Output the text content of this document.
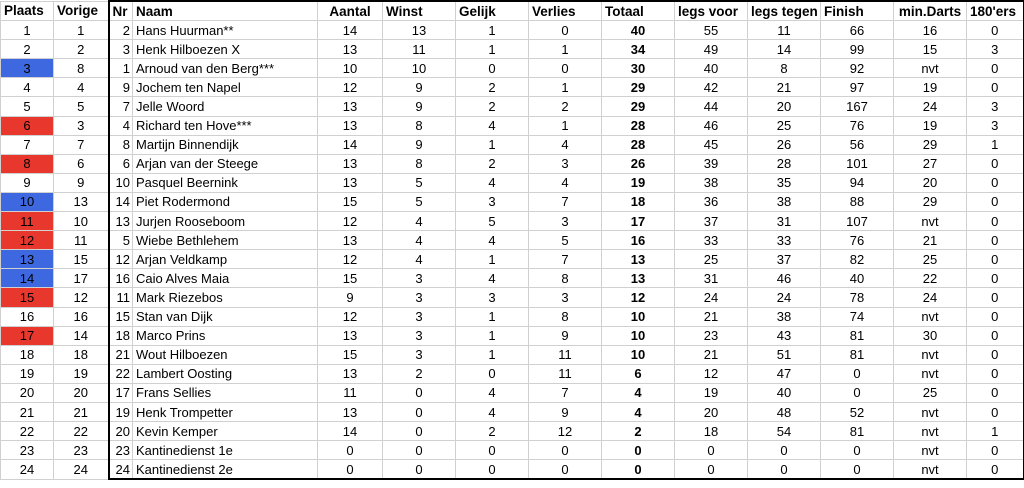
Plaats	Vorige	Nr	Naam	Aantal	Winst	Gelijk	Verlies	Totaal	legs voor	legs tegen	Finish	min.Darts	180'ers
1	1	2	Hans Huurman**	14	13	1	0	40	55	11	66	16	0
2	2	3	Henk Hilboezen X	13	11	1	1	34	49	14	99	15	3
3	8	1	Arnoud van den Berg***	10	10	0	0	30	40	8	92	nvt	0
4	4	9	Jochem ten Napel	12	9	2	1	29	42	21	97	19	0
5	5	7	Jelle Woord	13	9	2	2	29	44	20	167	24	3
6	3	4	Richard ten Hove***	13	8	4	1	28	46	25	76	19	3
7	7	8	Martijn Binnendijk	14	9	1	4	28	45	26	56	29	1
8	6	6	Arjan van der Steege	13	8	2	3	26	39	28	101	27	0
9	9	10	Pasquel Beernink	13	5	4	4	19	38	35	94	20	0
10	13	14	Piet Rodermond	15	5	3	7	18	36	38	88	29	0
11	10	13	Jurjen Rooseboom	12	4	5	3	17	37	31	107	nvt	0
12	11	5	Wiebe Bethlehem	13	4	4	5	16	33	33	76	21	0
13	15	12	Arjan Veldkamp	12	4	1	7	13	25	37	82	25	0
14	17	16	Caio Alves Maia	15	3	4	8	13	31	46	40	22	0
15	12	11	Mark Riezebos	9	3	3	3	12	24	24	78	24	0
16	16	15	Stan van Dijk	12	3	1	8	10	21	38	74	nvt	0
17	14	18	Marco Prins	13	3	1	9	10	23	43	81	30	0
18	18	21	Wout Hilboezen	15	3	1	11	10	21	51	81	nvt	0
19	19	22	Lambert Oosting	13	2	0	11	6	12	47	0	nvt	0
20	20	17	Frans Sellies	11	0	4	7	4	19	40	0	25	0
21	21	19	Henk Trompetter	13	0	4	9	4	20	48	52	nvt	0
22	22	20	Kevin Kemper	14	0	2	12	2	18	54	81	nvt	1
23	23	23	Kantinedienst 1e	0	0	0	0	0	0	0	0	nvt	0
24	24	24	Kantinedienst 2e	0	0	0	0	0	0	0	0	nvt	0
